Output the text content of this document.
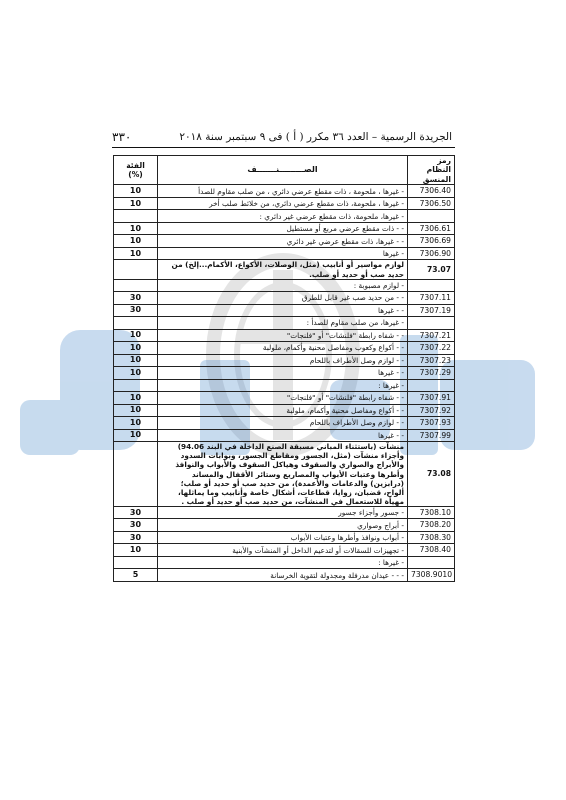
الجريدة الرسمية – العدد ٣٦ مكرر ( أ ) فى ٩ سبتمبر سنة ٢٠١٨
٣٣٠
الفئة
(%)	الصـــــــــنـــــــف	رمز النظام المنسق
10	- غيرها ، ملحومة ، ذات مقطع عرضي دائري ، من صلب مقاوم للصدأ	7306.40
10	- غيرها ، ملحومة، ذات مقطع عرضي دائري، من خلائط صلب أخر	7306.50
	- غيرها، ملحومة، ذات مقطع عرضي غير دائري :	
10	- - ذات مقطع عرضي مربع أو مستطيل	7306.61
10	- - غيرها، ذات مقطع عرضي غير دائري	7306.69
10	- غيرها	7306.90
	لوازم مواسير أو أنابيب (مثل، الوصلات، الأكواع، الأكمام...إلخ) من حديد صب أو حديد أو صلب.	73.07
	- لوازم مصبوبة :	
30	- - من حديد صب غير قابل للطرق	7307.11
30	- - غيرها	7307.19
	- غيرها، من صلب مقاوم للصدأ :	
10	- - شفاه رابطة "فلنشات" أو "فلنجات"	7307.21
10	- - أكواع وكعوب ومفاصل محنية وأكمام، ملولبة	7307.22
10	- - لوازم وصل الأطراف باللحام	7307.23
10	- - غيرها	7307.29
	- غيرها :	
10	- - شفاه رابطة "فلنشات" أو "فلنجات"	7307.91
10	- - أكواع ومفاصل محنية وأكمام، ملولبة	7307.92
10	- - لوازم وصل الأطراف باللحام	7307.93
10	- - غيرها	7307.99
	منشآت (باستثناء المباني مسبقة الصنع الداخلة في البند 94.06) وأجزاء منشآت (مثل، الجسور ومقاطع الجسور، وبوابات السدود والأبراج والصواري والسقوف وهياكل السقوف والأبواب والنوافذ وأطرها وعتبات الأبواب والمصاريع وستائر الأقفال والمساند (درابزين) والدعامات والأعمدة)، من حديد صب أو حديد أو صلب؛ ألواح، قضبان، زوايا، قطاعات، أشكال خاصة وأنابيب وما يماثلها، مهيأة للاستعمال في المنشآت، من حديد صب أو حديد أو صلب .	73.08
30	- جسور وأجزاء جسور	7308.10
30	- أبراج وصواري	7308.20
30	- أبواب ونوافذ وأطرها وعتبات الأبواب	7308.30
10	- تجهيزات للسقالات أو لتدعيم الداخل أو المنشآت والأبنية	7308.40
	- غيرها :	
5	- - - عيدان مدرفلة ومجدولة لتقوية الخرسانة	7308.9010
